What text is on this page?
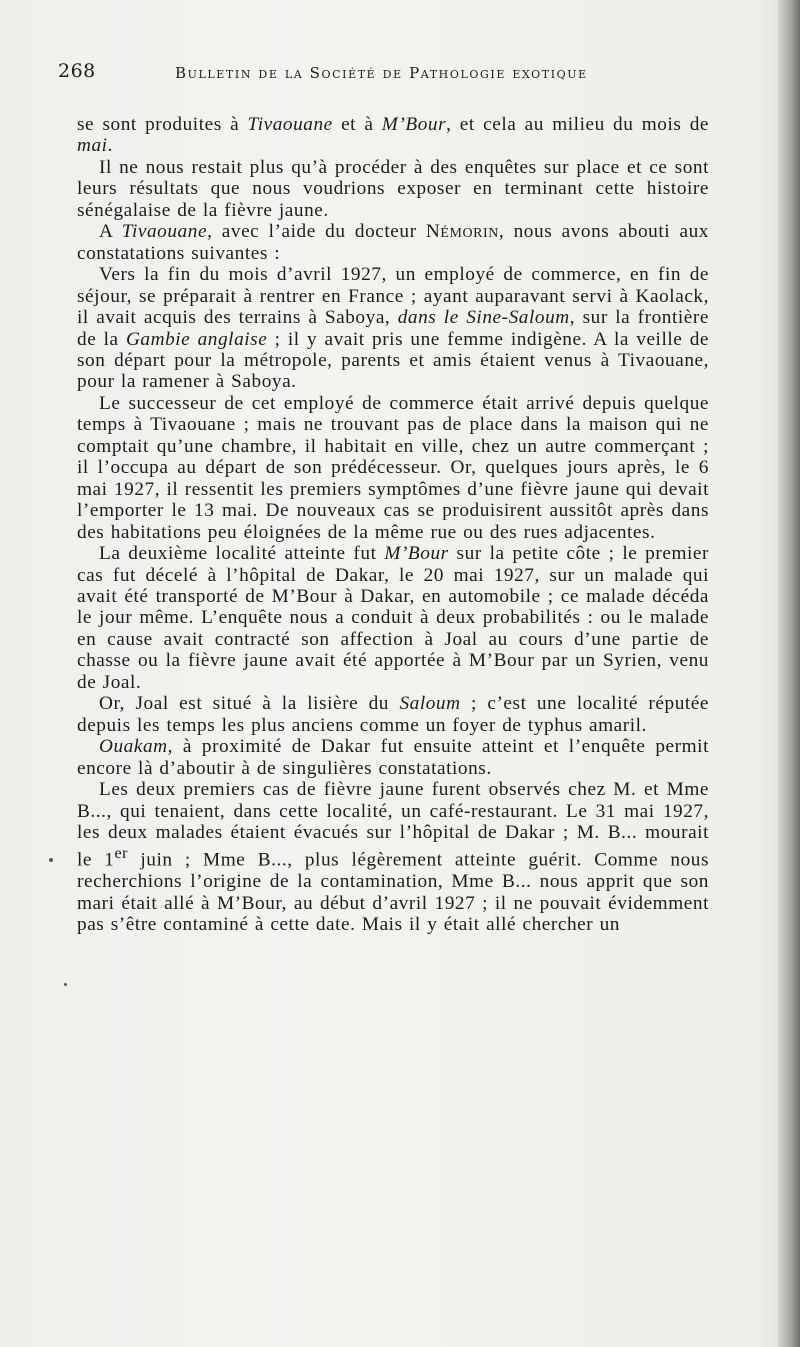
268	Bulletin de la Société de Pathologie exotique

se sont produites à Tivaouane et à M’Bour, et cela au milieu du mois de mai.

Il ne nous restait plus qu’à procéder à des enquêtes sur place et ce sont leurs résultats que nous voudrions exposer en terminant cette histoire sénégalaise de la fièvre jaune.

A Tivaouane, avec l’aide du docteur Némorin, nous avons abouti aux constatations suivantes :

Vers la fin du mois d’avril 1927, un employé de commerce, en fin de séjour, se préparait à rentrer en France ; ayant auparavant servi à Kaolack, il avait acquis des terrains à Saboya, dans le Sine-Saloum, sur la frontière de la Gambie anglaise ; il y avait pris une femme indigène. A la veille de son départ pour la métropole, parents et amis étaient venus à Tivaouane, pour la ramener à Saboya.

Le successeur de cet employé de commerce était arrivé depuis quelque temps à Tivaouane ; mais ne trouvant pas de place dans la maison qui ne comptait qu’une chambre, il habitait en ville, chez un autre commerçant ; il l’occupa au départ de son prédécesseur. Or, quelques jours après, le 6 mai 1927, il ressentit les premiers symptômes d’une fièvre jaune qui devait l’emporter le 13 mai. De nouveaux cas se produisirent aussitôt après dans des habitations peu éloignées de la même rue ou des rues adjacentes.

La deuxième localité atteinte fut M’Bour sur la petite côte ; le premier cas fut décelé à l’hôpital de Dakar, le 20 mai 1927, sur un malade qui avait été transporté de M’Bour à Dakar, en automobile ; ce malade décéda le jour même. L’enquête nous a conduit à deux probabilités : ou le malade en cause avait contracté son affection à Joal au cours d’une partie de chasse ou la fièvre jaune avait été apportée à M’Bour par un Syrien, venu de Joal.

Or, Joal est situé à la lisière du Saloum ; c’est une localité réputée depuis les temps les plus anciens comme un foyer de typhus amaril.

Ouakam, à proximité de Dakar fut ensuite atteint et l’enquête permit encore là d’aboutir à de singulières constatations.

Les deux premiers cas de fièvre jaune furent observés chez M. et Mme B..., qui tenaient, dans cette localité, un café-restaurant. Le 31 mai 1927, les deux malades étaient évacués sur l’hôpital de Dakar ; M. B... mourait le 1er juin ; Mme B..., plus légèrement atteinte guérit. Comme nous recherchions l’origine de la contamination, Mme B... nous apprit que son mari était allé à M’Bour, au début d’avril 1927 ; il ne pouvait évidemment pas s’être contaminé à cette date. Mais il y était allé chercher un
